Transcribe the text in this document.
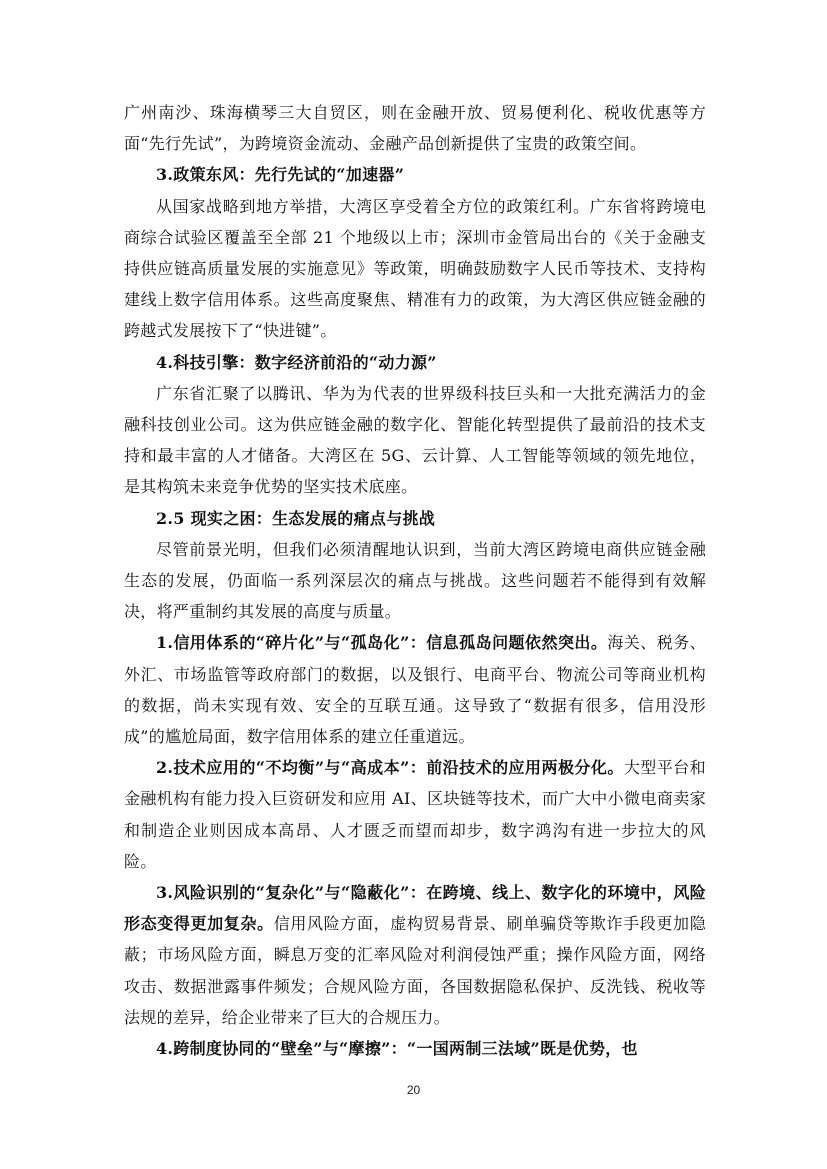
广州南沙、珠海横琴三大自贸区，则在金融开放、贸易便利化、税收优惠等方面“先行先试”，为跨境资金流动、金融产品创新提供了宝贵的政策空间。

3.政策东风：先行先试的“加速器”

从国家战略到地方举措，大湾区享受着全方位的政策红利。广东省将跨境电商综合试验区覆盖至全部 21 个地级以上市；深圳市金管局出台的《关于金融支持供应链高质量发展的实施意见》等政策，明确鼓励数字人民币等技术、支持构建线上数字信用体系。这些高度聚焦、精准有力的政策，为大湾区供应链金融的跨越式发展按下了“快进键”。

4.科技引擎：数字经济前沿的“动力源”

广东省汇聚了以腾讯、华为为代表的世界级科技巨头和一大批充满活力的金融科技创业公司。这为供应链金融的数字化、智能化转型提供了最前沿的技术支持和最丰富的人才储备。大湾区在 5G、云计算、人工智能等领域的领先地位，是其构筑未来竞争优势的坚实技术底座。

2.5 现实之困：生态发展的痛点与挑战

尽管前景光明，但我们必须清醒地认识到，当前大湾区跨境电商供应链金融生态的发展，仍面临一系列深层次的痛点与挑战。这些问题若不能得到有效解决，将严重制约其发展的高度与质量。

1.信用体系的“碎片化”与“孤岛化”：信息孤岛问题依然突出。海关、税务、外汇、市场监管等政府部门的数据，以及银行、电商平台、物流公司等商业机构的数据，尚未实现有效、安全的互联互通。这导致了“数据有很多，信用没形成”的尴尬局面，数字信用体系的建立任重道远。

2.技术应用的“不均衡”与“高成本”：前沿技术的应用两极分化。大型平台和金融机构有能力投入巨资研发和应用 AI、区块链等技术，而广大中小微电商卖家和制造企业则因成本高昂、人才匮乏而望而却步，数字鸿沟有进一步拉大的风险。

3.风险识别的“复杂化”与“隐蔽化”：在跨境、线上、数字化的环境中，风险形态变得更加复杂。信用风险方面，虚构贸易背景、刷单骗贷等欺诈手段更加隐蔽；市场风险方面，瞬息万变的汇率风险对利润侵蚀严重；操作风险方面，网络攻击、数据泄露事件频发；合规风险方面，各国数据隐私保护、反洗钱、税收等法规的差异，给企业带来了巨大的合规压力。

4.跨制度协同的“壁垒”与“摩擦”：“一国两制三法域”既是优势，也

20
